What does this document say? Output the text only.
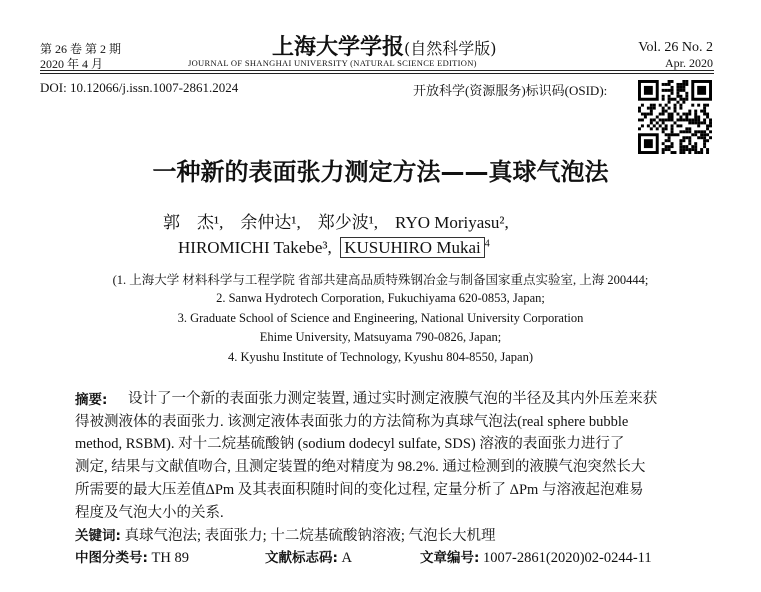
第 26 卷 第 2 期
2020 年 4 月
上海大学学报(自然科学版)
JOURNAL OF SHANGHAI UNIVERSITY (NATURAL SCIENCE EDITION)
Vol. 26 No. 2
Apr. 2020
DOI: 10.12066/j.issn.1007-2861.2024	开放科学(资源服务)标识码(OSID):
一种新的表面张力测定方法——真球气泡法
郭　杰¹,　余仲达¹,　郑少波¹,　RYO Moriyasu²,
HIROMICHI Takebe³, KUSUHIRO Mukai $^4$
(1. 上海大学 材料科学与工程学院 省部共建高品质特殊钢冶金与制备国家重点实验室, 上海 200444;
2. Sanwa Hydrotech Corporation, Fukuchiyama 620-0853, Japan;
3. Graduate School of Science and Engineering, National University Corporation
Ehime University, Matsuyama 790-0826, Japan;
4. Kyushu Institute of Technology, Kyushu 804-8550, Japan)
摘要: 设计了一个新的表面张力测定装置, 通过实时测定液膜气泡的半径及其内外压差来获
得被测液体的表面张力. 该测定液体表面张力的方法简称为真球气泡法(real sphere bubble
method, RSBM). 对十二烷基硫酸钠 (sodium dodecyl sulfate, SDS) 溶液的表面张力进行了
测定, 结果与文献值吻合, 且测定装置的绝对精度为 98.2%. 通过检测到的液膜气泡突然长大
所需要的最大压差值ΔPm 及其表面积随时间的变化过程, 定量分析了 ΔPm 与溶液起泡难易
程度及气泡大小的关系.
关键词: 真球气泡法; 表面张力; 十二烷基硫酸钠溶液; 气泡长大机理
中图分类号: TH 89	文献标志码: A	文章编号: 1007-2861(2020)02-0244-11
